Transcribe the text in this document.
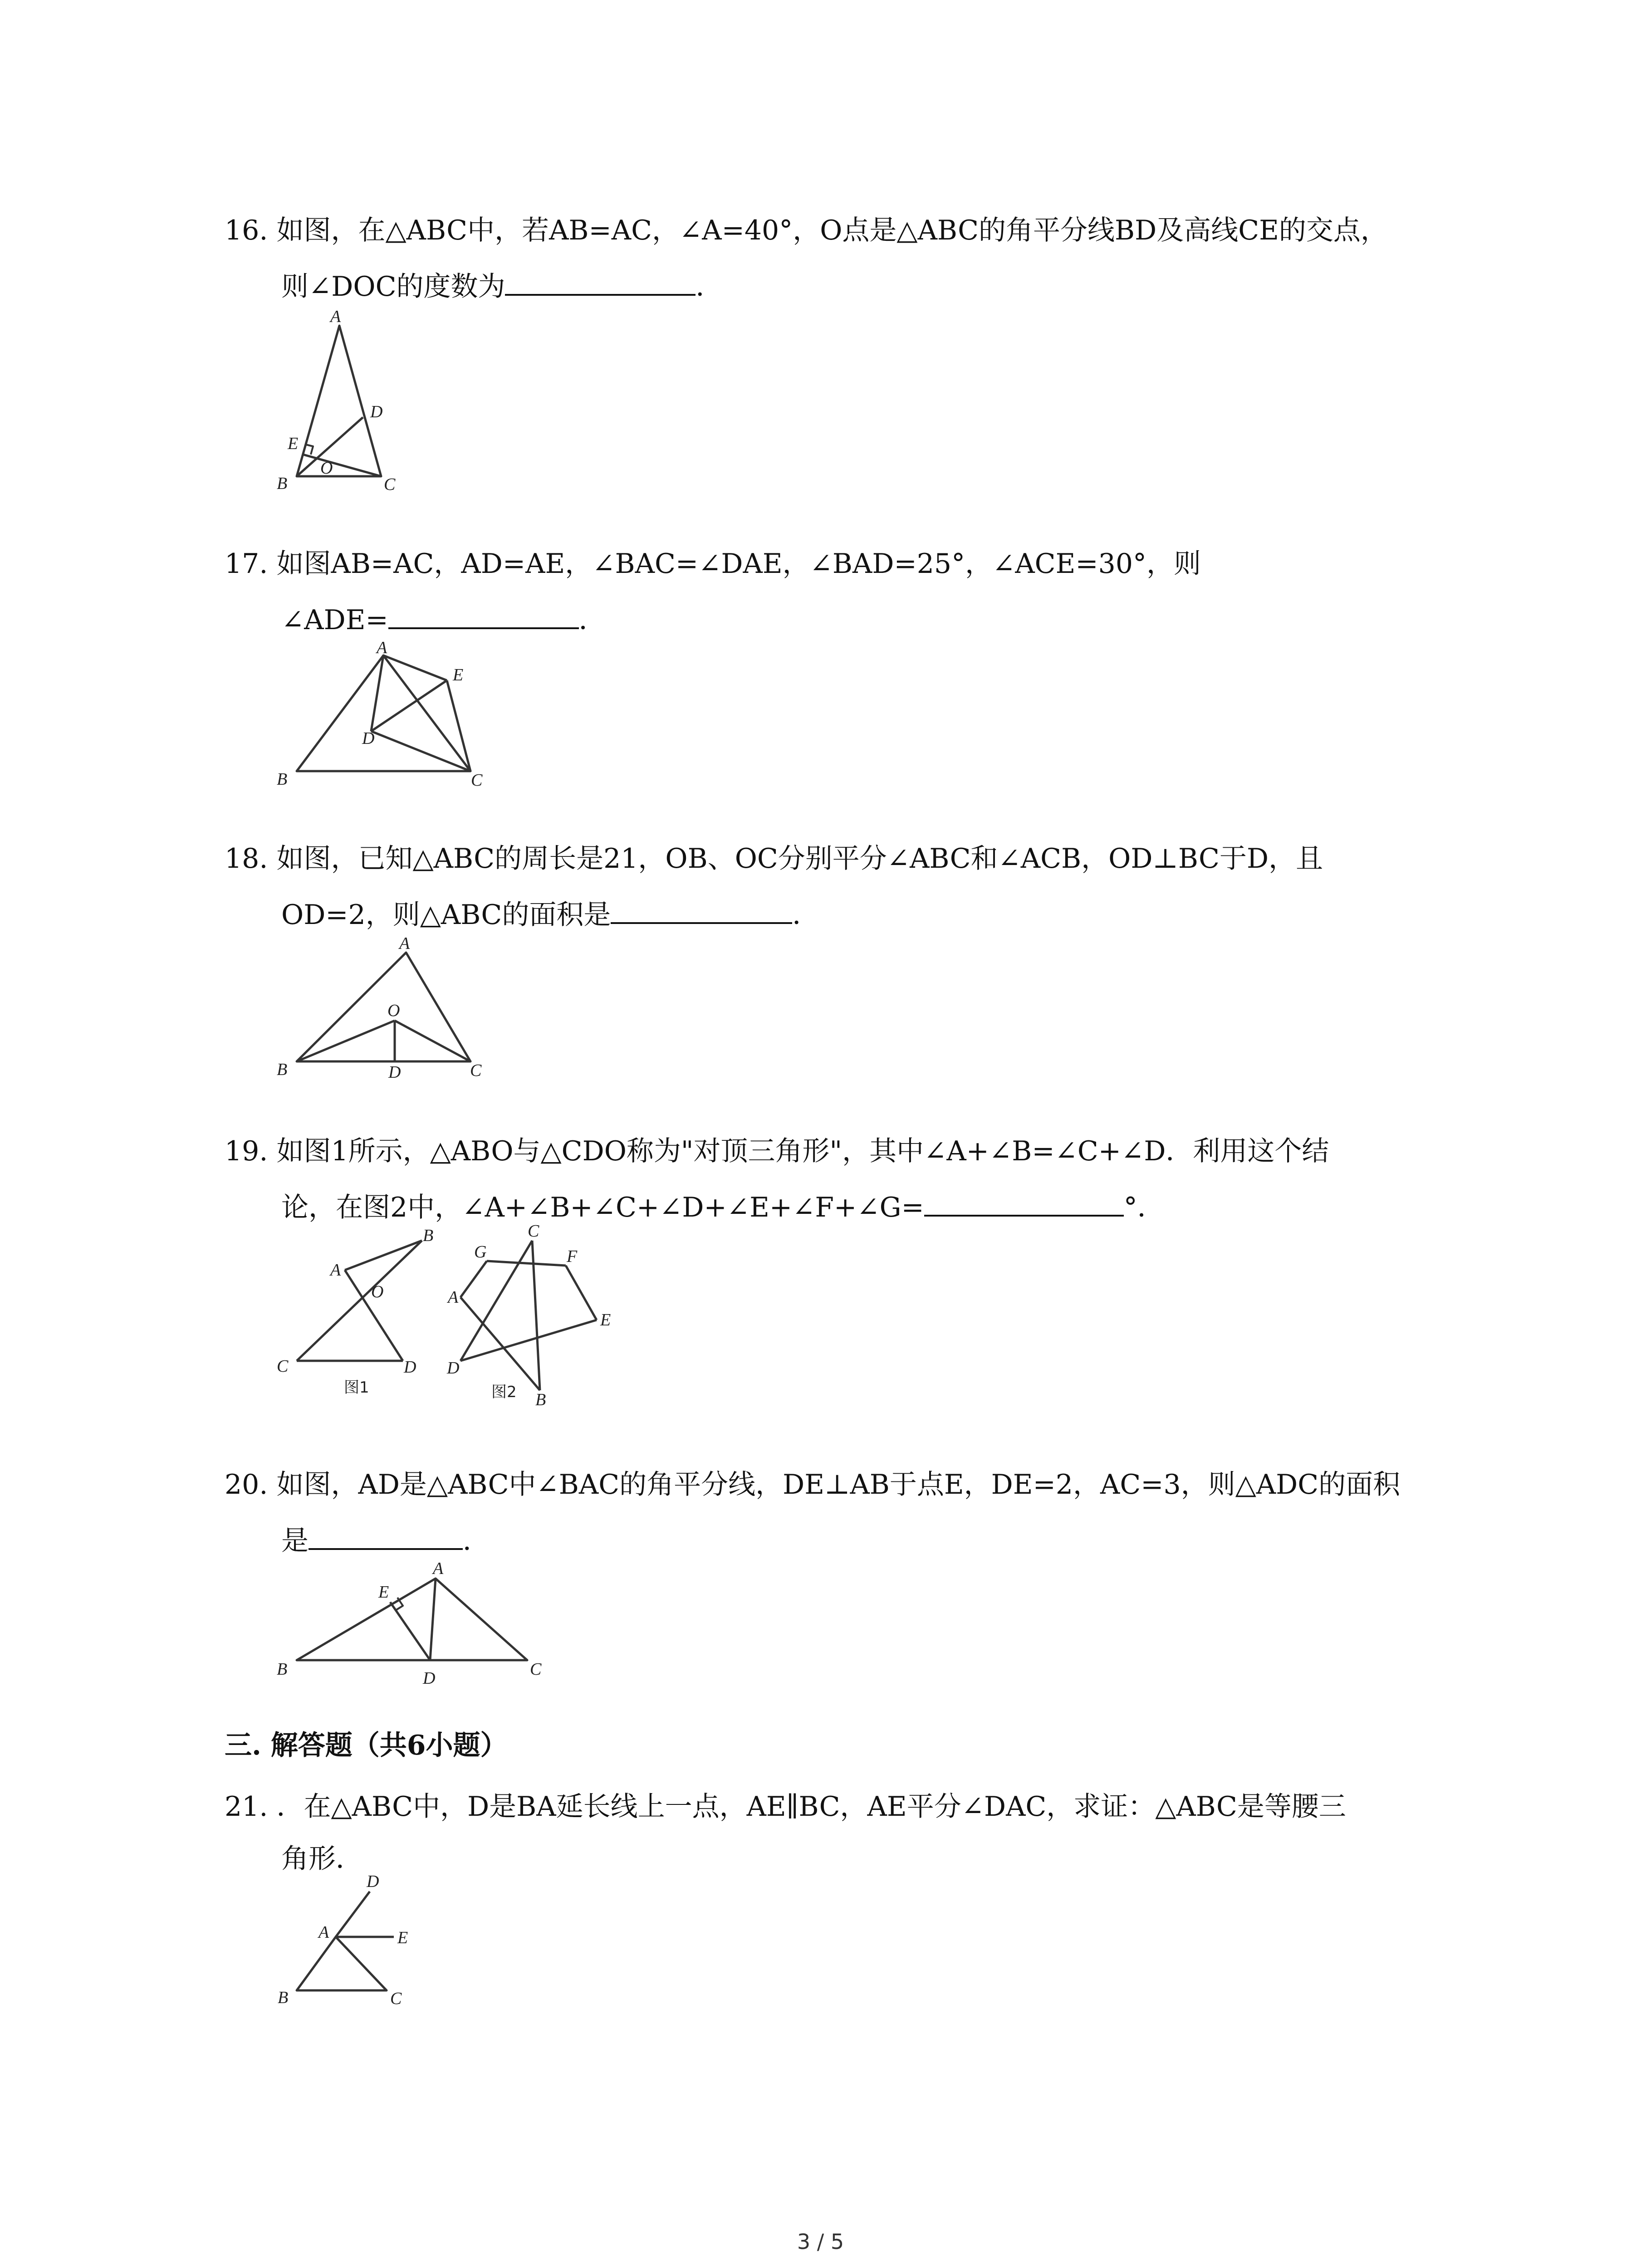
16. 如图，在△ABC中，若AB=AC，∠A=40°，O点是△ABC的角平分线BD及高线CE的交点，
则∠DOC的度数为	．
A
B	C
D
E
O
17. 如图AB=AC，AD=AE，∠BAC=∠DAE，∠BAD=25°，∠ACE=30°，则
∠ADE=	．
A
B	C
D
E
18. 如图，已知△ABC的周长是21，OB、OC分别平分∠ABC和∠ACB，OD⊥BC于D，且
OD=2，则△ABC的面积是	．
A
B	C
D
O
19. 如图1所示，△ABO与△CDO称为"对顶三角形"，其中∠A+∠B=∠C+∠D．利用这个结
论，在图2中，∠A+∠B+∠C+∠D+∠E+∠F+∠G=	°．
A
B
C	D
O
图1
G
C
F
A
E
D
B
图2
20. 如图，AD是△ABC中∠BAC的角平分线，DE⊥AB于点E，DE=2，AC=3，则△ADC的面积
是	．
A
B	C
D
E
三. 解答题（共6小题）
21. ．在△ABC中，D是BA延长线上一点，AE∥BC，AE平分∠DAC，求证：△ABC是等腰三
角形．
D
A	E
B	C
3 / 5
